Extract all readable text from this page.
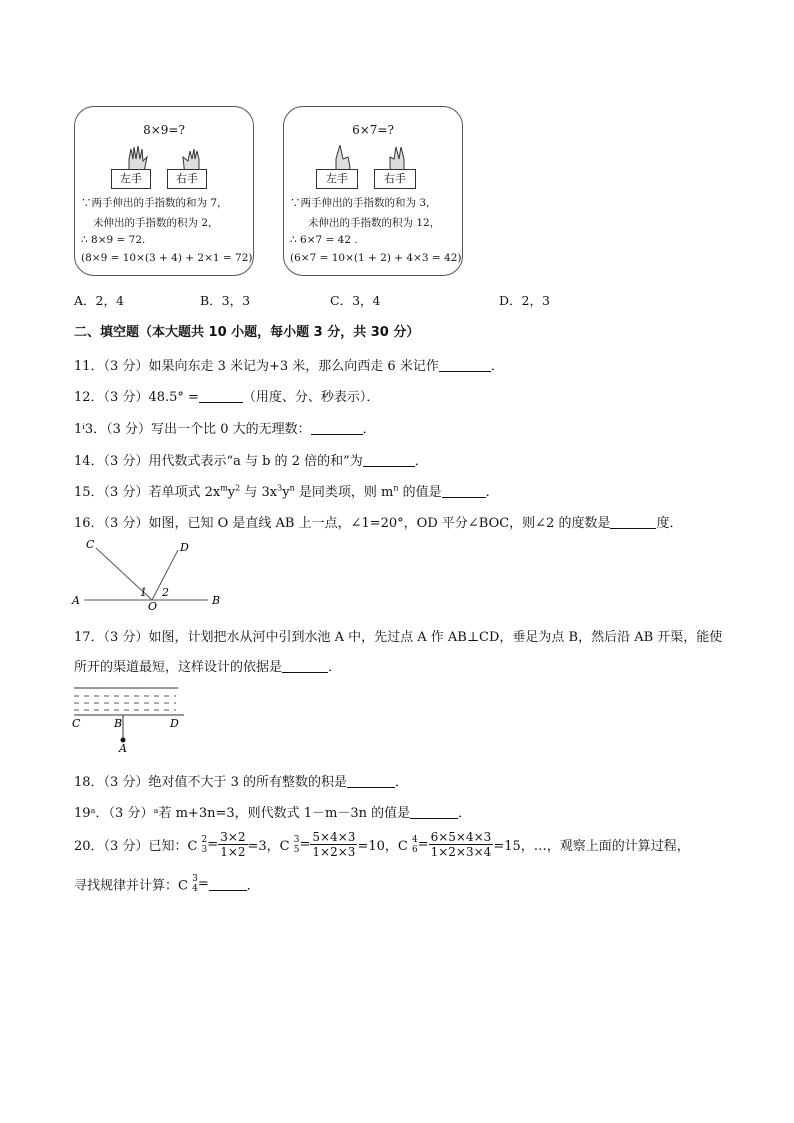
8×9=?
左手	右手
∵两手伸出的手指数的和为 7，
未伸出的手指数的积为 2，
∴ 8×9 = 72.
(8×9 = 10×(3 + 4) + 2×1 = 72)
6×7=?
左手	右手
∵两手伸出的手指数的和为 3，
未伸出的手指数的积为 12，
∴ 6×7 = 42 .
(6×7 = 10×(1 + 2) + 4×3 = 42)
A．2，4	B．3，3	C．3，4	D．2，3
二、填空题（本大题共 10 小题，每小题 3 分，共 30 分）
11．（3 分）如果向东走 3 米记为+3 米，那么向西走 6 米记作	．
12．（3 分）48.5° =	（用度、分、秒表示）．
1ⁱ3．（3 分）写出一个比 0 大的无理数：	．
14．（3 分）用代数式表示“a 与 b 的 2 倍的和”为	．
15．（3 分）若单项式 $2x^my^2$ 与 $3x^3y^n$ 是同类项，则 $m^n$ 的值是	．
16．（3 分）如图，已知 O 是直线 AB 上一点，∠1=20°，OD 平分∠BOC，则∠2 的度数是	度．
C	D
A	O	B
1 2
17．（3 分）如图，计划把水从河中引到水池 A 中，先过点 A 作 AB⊥CD，垂足为点 B，然后沿 AB 开渠，能使
所开的渠道最短，这样设计的依据是	．
C	B	D
A
18．（3 分）绝对值不大于 3 的所有整数的积是	．
19ᵃ．（3 分）ᵃ若 m+3n=3，则代数式 1－m－3n 的值是	．
20．（3 分）已知：C 2
$3= \frac{3\times 2}{1\times 2} =3$，C 3
$5= \frac{5\times 4\times 3}{1\times 2\times 3} =10$，C 4
$6= \frac{6\times 5\times 4\times 3}{1\times 2\times 3\times 4} =15$，…，观察上面的计算过程，
寻找规律并计算：C 3
4=	．
